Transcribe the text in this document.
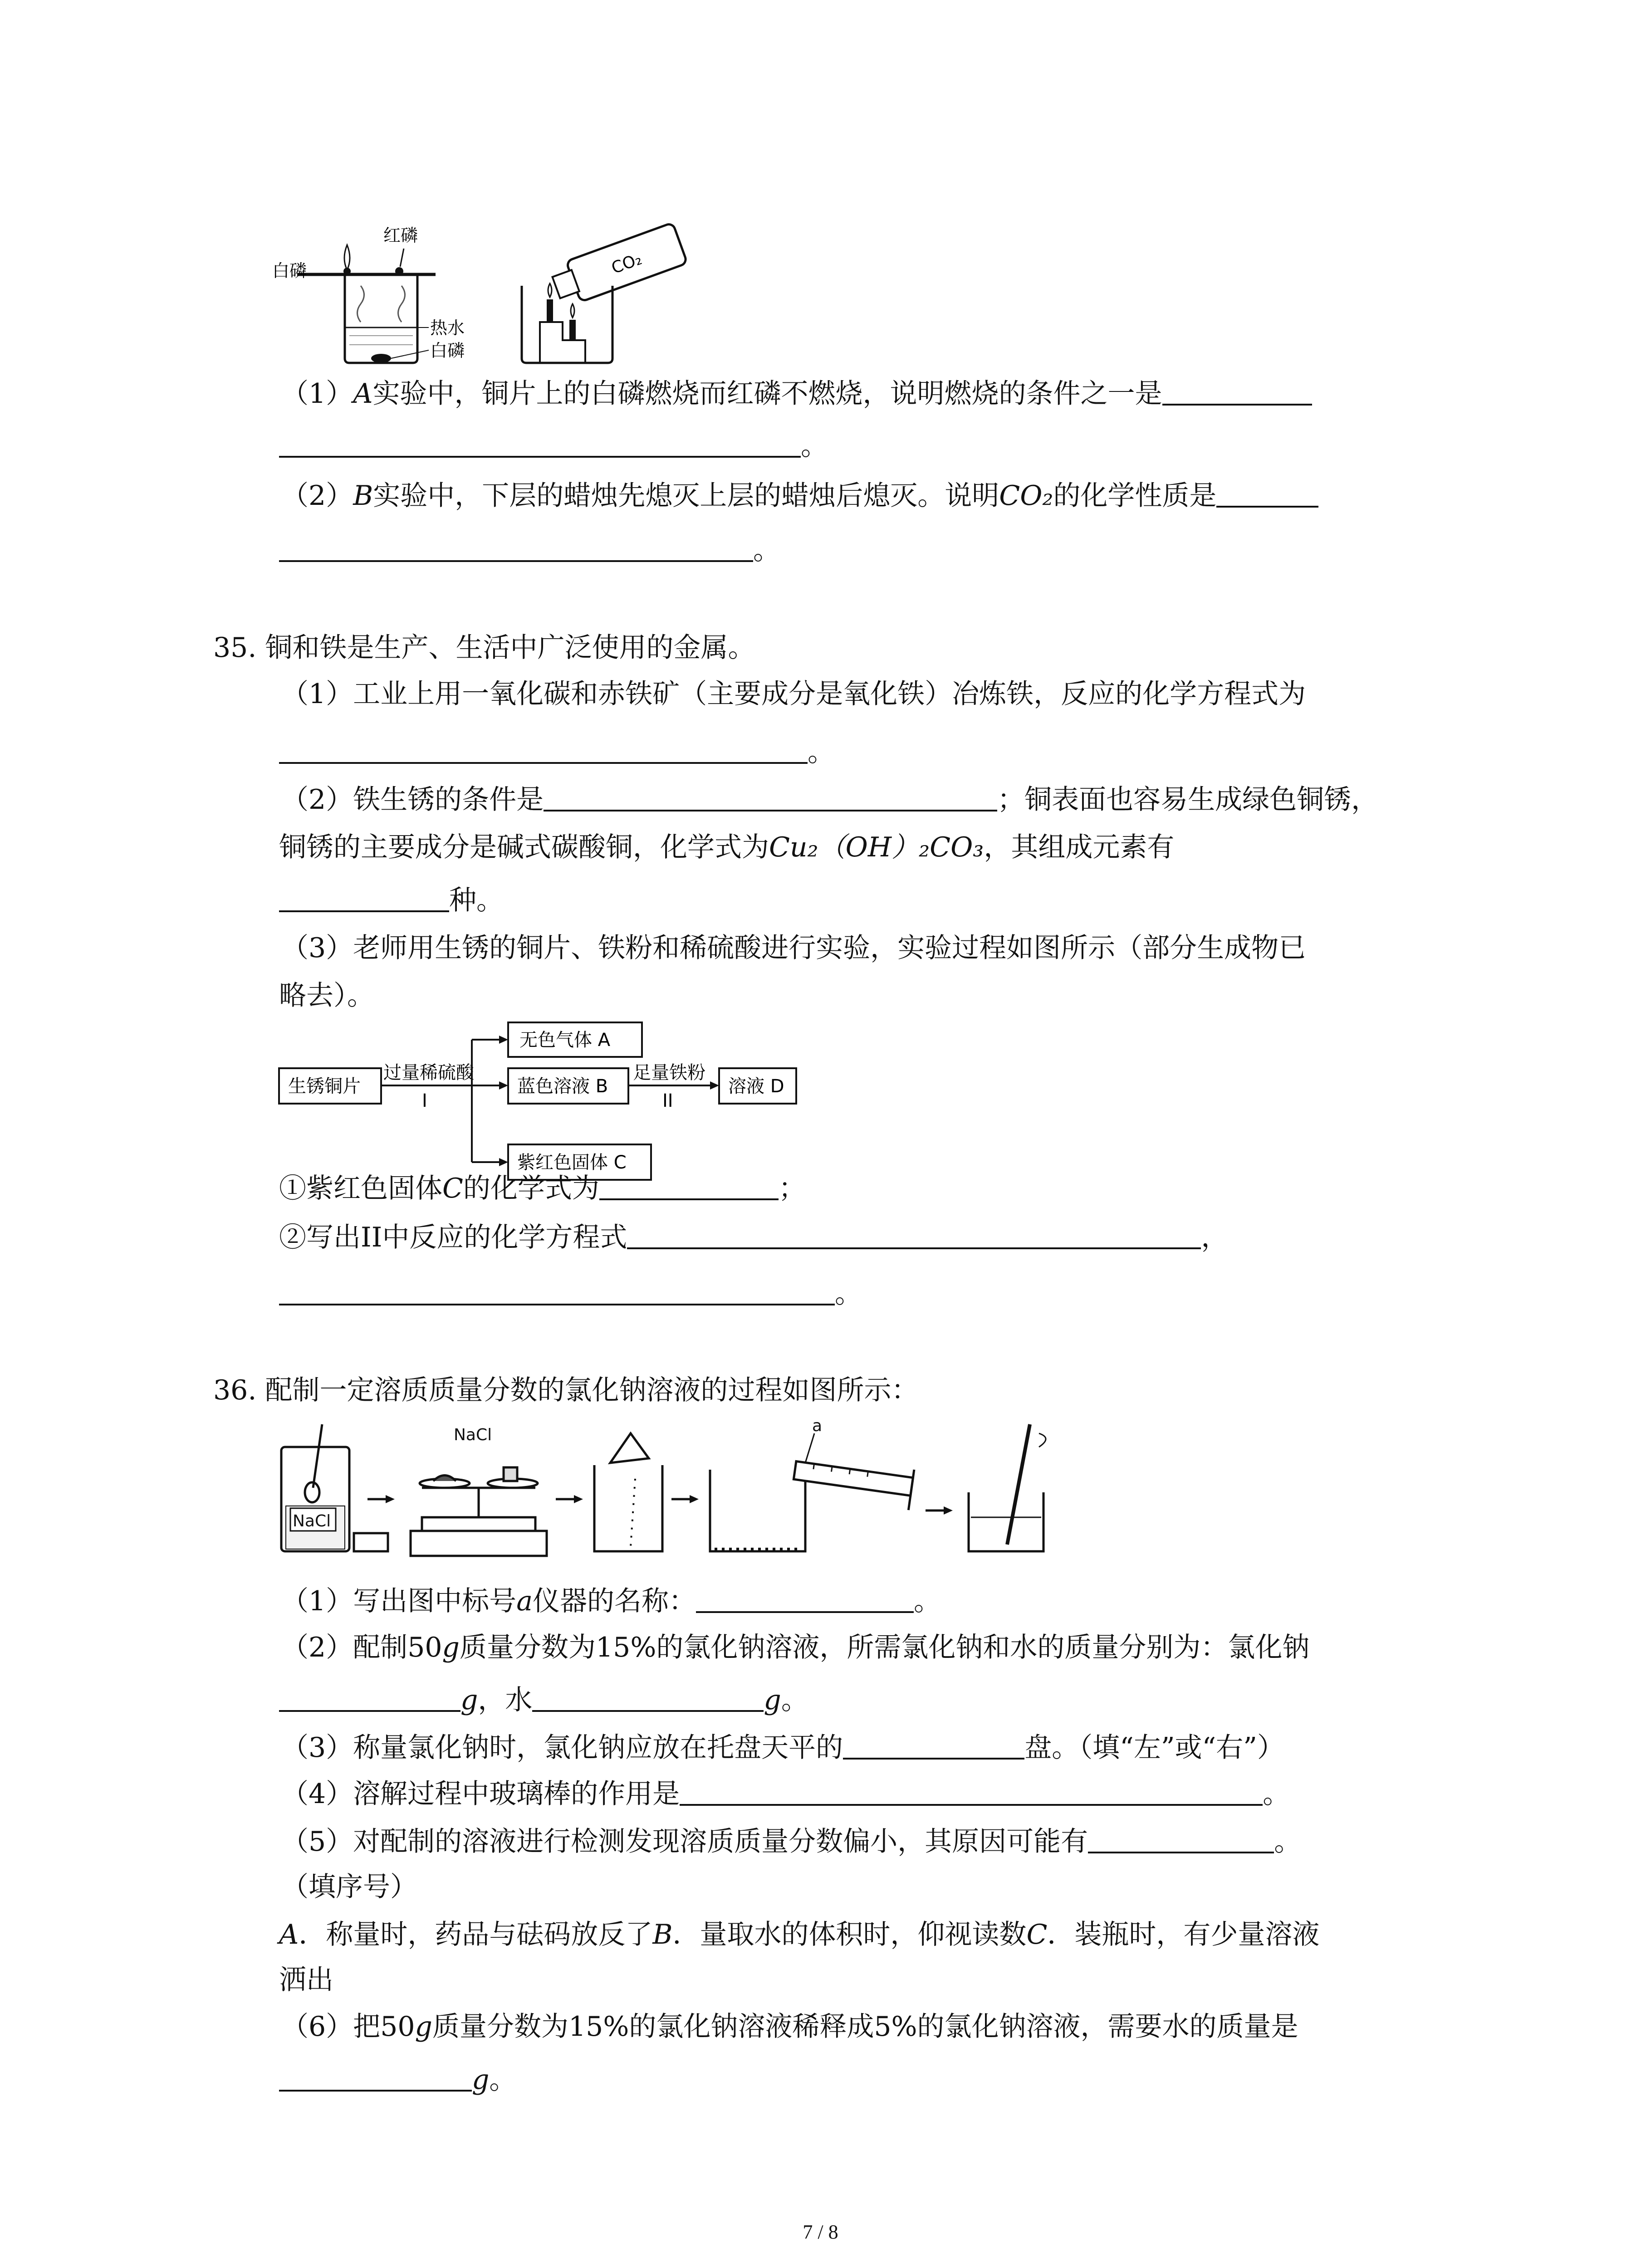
红磷
白磷
热水
白磷
CO₂
（1）A实验中，铜片上的白磷燃烧而红磷不燃烧，说明燃烧的条件之一是
。
（2）B实验中，下层的蜡烛先熄灭上层的蜡烛后熄灭。说明CO₂的化学性质是
。
35. 铜和铁是生产、生活中广泛使用的金属。
（1）工业上用一氧化碳和赤铁矿（主要成分是氧化铁）冶炼铁，反应的化学方程式为
。
（2）铁生锈的条件是	；铜表面也容易生成绿色铜锈，
铜锈的主要成分是碱式碳酸铜，化学式为Cu₂（OH）₂CO₃，其组成元素有
种。
（3）老师用生锈的铜片、铁粉和稀硫酸进行实验，实验过程如图所示（部分生成物已
略去）。
生锈铜片
过量稀硫酸
I
无色气体 A
蓝色溶液 B
紫红色固体 C
足量铁粉
II
溶液 D
①紫红色固体C的化学式为	；
②写出II中反应的化学方程式	，
。
36. 配制一定溶质质量分数的氯化钠溶液的过程如图所示：
NaCl
NaCl	a
（1）写出图中标号a仪器的名称：	。
（2）配制50g质量分数为15%的氯化钠溶液，所需氯化钠和水的质量分别为：氯化钠
g，水	g。
（3）称量氯化钠时，氯化钠应放在托盘天平的	盘。（填“左”或“右”）
（4）溶解过程中玻璃棒的作用是	。
（5）对配制的溶液进行检测发现溶质质量分数偏小，其原因可能有	。
（填序号）
A．称量时，药品与砝码放反了B．量取水的体积时，仰视读数C．装瓶时，有少量溶液
洒出
（6）把50g质量分数为15%的氯化钠溶液稀释成5%的氯化钠溶液，需要水的质量是
g。
7 / 8
